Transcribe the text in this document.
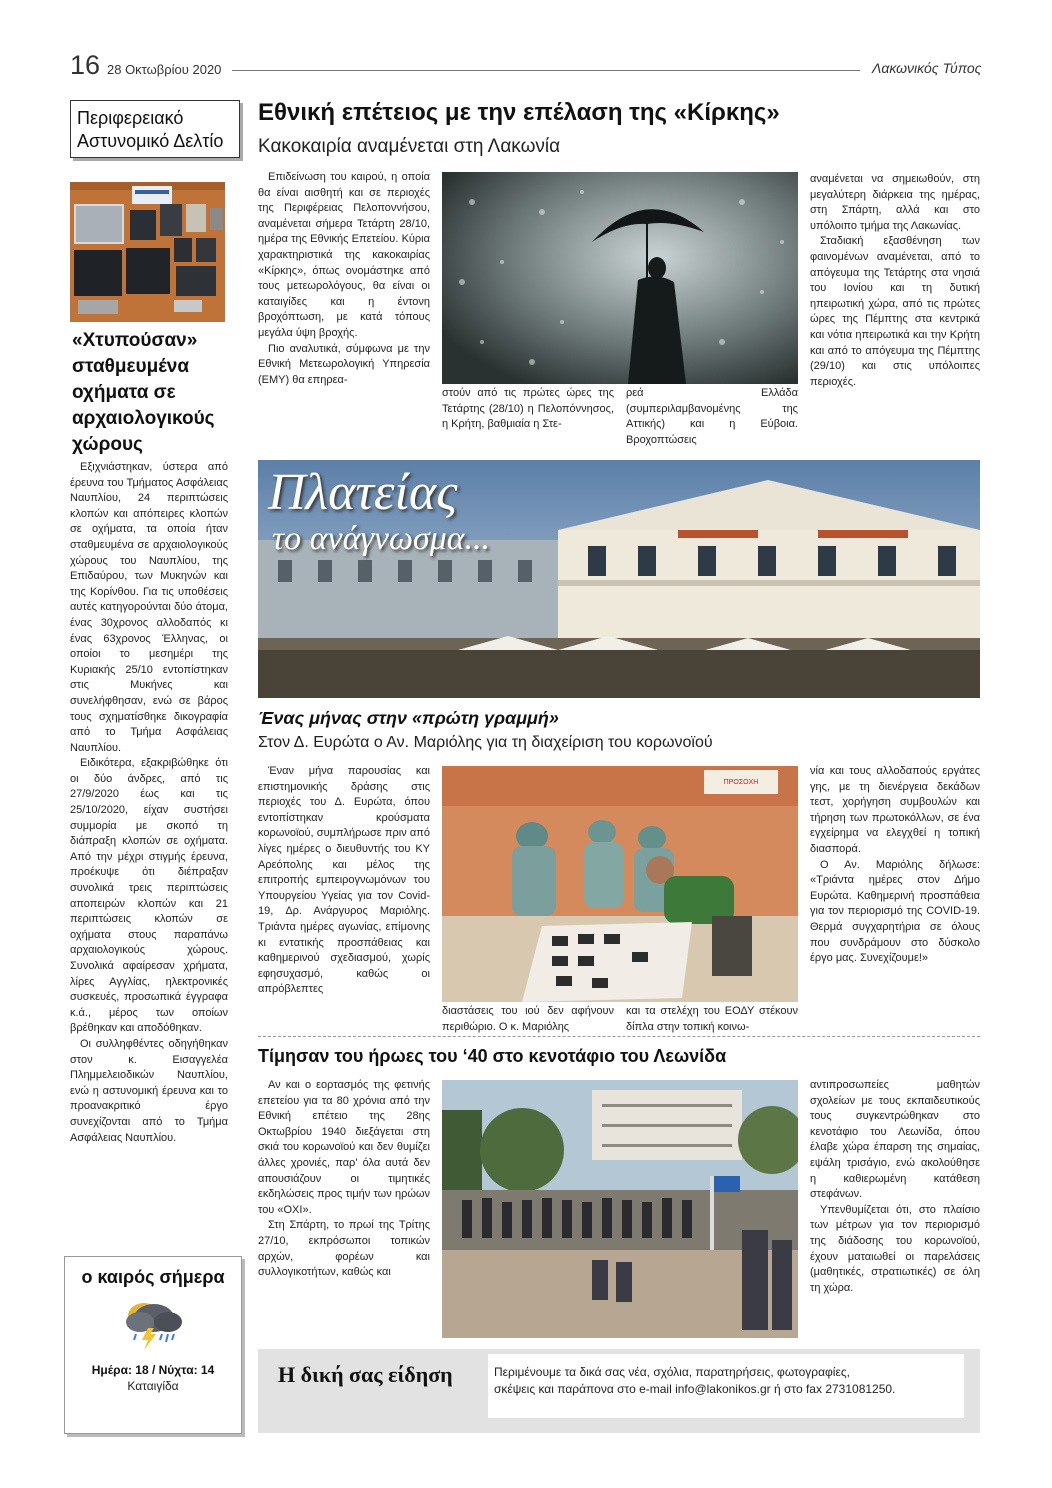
16 28 Οκτωβρίου 2020	Λακωνικός Τύπος
Περιφερειακό
Αστυνομικό Δελτίο
«Χτυπούσαν» σταθμευμένα οχήματα σε αρχαιολογικούς χώρους

Εξιχνιάστηκαν, ύστερα από έρευνα του Τμήματος Ασφάλειας Ναυπλίου, 24 περιπτώσεις κλοπών και απόπειρες κλοπών σε οχήματα, τα οποία ήταν σταθμευμένα σε αρχαιολογικούς χώρους του Ναυπλίου, της Επιδαύρου, των Μυκηνών και της Κορίνθου. Για τις υποθέσεις αυτές κατηγορούνται δύο άτομα, ένας 30χρονος αλλοδαπός κι ένας 63χρονος Έλληνας, οι οποίοι το μεσημέρι της Κυριακής 25/10 εντοπίστηκαν στις Μυκήνες και συνελήφθησαν, ενώ σε βάρος τους σχηματίσθηκε δικογραφία από το Τμήμα Ασφάλειας Ναυπλίου.

Ειδικότερα, εξακριβώθηκε ότι οι δύο άνδρες, από τις 27/9/2020 έως και τις 25/10/2020, είχαν συστήσει συμμορία με σκοπό τη διάπραξη κλοπών σε οχήματα. Από την μέχρι στιγμής έρευνα, προέκυψε ότι διέπραξαν συνολικά τρεις περιπτώσεις αποπειρών κλοπών και 21 περιπτώσεις κλοπών σε οχήματα στους παραπάνω αρχαιολογικούς χώρους. Συνολικά αφαίρεσαν χρήματα, λίρες Αγγλίας, ηλεκτρονικές συσκευές, προσωπικά έγγραφα κ.ά., μέρος των οποίων βρέθηκαν και αποδόθηκαν.

Οι συλληφθέντες οδηγήθηκαν στον κ. Εισαγγελέα Πλημμελειοδικών Ναυπλίου, ενώ η αστυνομική έρευνα και το προανακριτικό έργο συνεχίζονται από το Τμήμα Ασφάλειας Ναυπλίου.

ο καιρός σήμερα
Ημέρα: 18 / Νύχτα: 14
Καταιγίδα
Εθνική επέτειος με την επέλαση της «Κίρκης»
Κακοκαιρία αναμένεται στη Λακωνία

Επιδείνωση του καιρού, η οποία θα είναι αισθητή και σε περιοχές της Περιφέρειας Πελοποννήσου, αναμένεται σήμερα Τετάρτη 28/10, ημέρα της Εθνικής Επετείου. Κύρια χαρακτηριστικά της κακοκαιρίας «Κίρκης», όπως ονομάστηκε από τους μετεωρολόγους, θα είναι οι καταιγίδες και η έντονη βροχόπτωση, με κατά τόπους μεγάλα ύψη βροχής.

Πιο αναλυτικά, σύμφωνα με την Εθνική Μετεωρολογική Υπηρεσία (ΕΜΥ) θα επηρεα-

στούν από τις πρώτες ώρες της Τετάρτης (28/10) η Πελοπόννησος, η Κρήτη, βαθμιαία η Στε-

ρεά Ελλάδα (συμπεριλαμβανομένης της Αττικής) και η Εύβοια. Βροχοπτώσεις

αναμένεται να σημειωθούν, στη μεγαλύτερη διάρκεια της ημέρας, στη Σπάρτη, αλλά και στο υπόλοιπο τμήμα της Λακωνίας.

Σταδιακή εξασθένηση των φαινομένων αναμένεται, από το απόγευμα της Τετάρτης στα νησιά του Ιονίου και τη δυτική ηπειρωτική χώρα, από τις πρώτες ώρες της Πέμπτης στα κεντρικά και νότια ηπειρωτικά και την Κρήτη και από το απόγευμα της Πέμπτης (29/10) και στις υπόλοιπες περιοχές.

Πλατείας
το ανάγνωσμα...
Ένας μήνας στην «πρώτη γραμμή»
Στον Δ. Ευρώτα ο Αν. Μαριόλης για τη διαχείριση του κορωνοϊού

Έναν μήνα παρουσίας και επιστημονικής δράσης στις περιοχές του Δ. Ευρώτα, όπου εντοπίστηκαν κρούσματα κορωνοϊού, συμπλήρωσε πριν από λίγες ημέρες ο διευθυντής του ΚΥ Αρεόπολης και μέλος της επιτροπής εμπειρογνωμόνων του Υπουργείου Υγείας για τον Covid-19, Δρ. Ανάργυρος Μαριόλης. Τριάντα ημέρες αγωνίας, επίμονης κι εντατικής προσπάθειας και καθημερινού σχεδιασμού, χωρίς εφησυχασμό, καθώς οι απρόβλεπτες

ΠΡΟΣΟΧΗ

διαστάσεις του ιού δεν αφήνουν περιθώριο. Ο κ. Μαριόλης

και τα στελέχη του ΕΟΔΥ στέκουν δίπλα στην τοπική κοινω-

νία και τους αλλοδαπούς εργάτες γης, με τη διενέργεια δεκάδων τεστ, χορήγηση συμβουλών και τήρηση των πρωτοκόλλων, σε ένα εγχείρημα να ελεγχθεί η τοπική διασπορά.

Ο Αν. Μαριόλης δήλωσε: «Τριάντα ημέρες στον Δήμο Ευρώτα. Καθημερινή προσπάθεια για τον περιορισμό της COVID-19. Θερμά συγχαρητήρια σε όλους που συνδράμουν στο δύσκολο έργο μας. Συνεχίζουμε!»

Τίμησαν του ήρωες του ‘40 στο κενοτάφιο του Λεωνίδα

Αν και ο εορτασμός της φετινής επετείου για τα 80 χρόνια από την Εθνική επέτειο της 28ης Οκτωβρίου 1940 διεξάγεται στη σκιά του κορωνοϊού και δεν θυμίζει άλλες χρονιές, παρ' όλα αυτά δεν απουσιάζουν οι τιμητικές εκδηλώσεις προς τιμήν των ηρώων του «ΟΧΙ».

Στη Σπάρτη, το πρωί της Τρίτης 27/10, εκπρόσωποι τοπικών αρχών, φορέων και συλλογικοτήτων, καθώς και

αντιπροσωπείες μαθητών σχολείων με τους εκπαιδευτικούς τους συγκεντρώθηκαν στο κενοτάφιο του Λεωνίδα, όπου έλαβε χώρα έπαρση της σημαίας, εψάλη τρισάγιο, ενώ ακολούθησε η καθιερωμένη κατάθεση στεφάνων.

Υπενθυμίζεται ότι, στο πλαίσιο των μέτρων για τον περιορισμό της διάδοσης του κορωνοϊού, έχουν ματαιωθεί οι παρελάσεις (μαθητικές, στρατιωτικές) σε όλη τη χώρα.

Η δική σας είδηση	Περιμένουμε τα δικά σας νέα, σχόλια, παρατηρήσεις, φωτογραφίες,
σκέψεις και παράπονα στο e-mail info@lakonikos.gr ή στο fax 2731081250.
